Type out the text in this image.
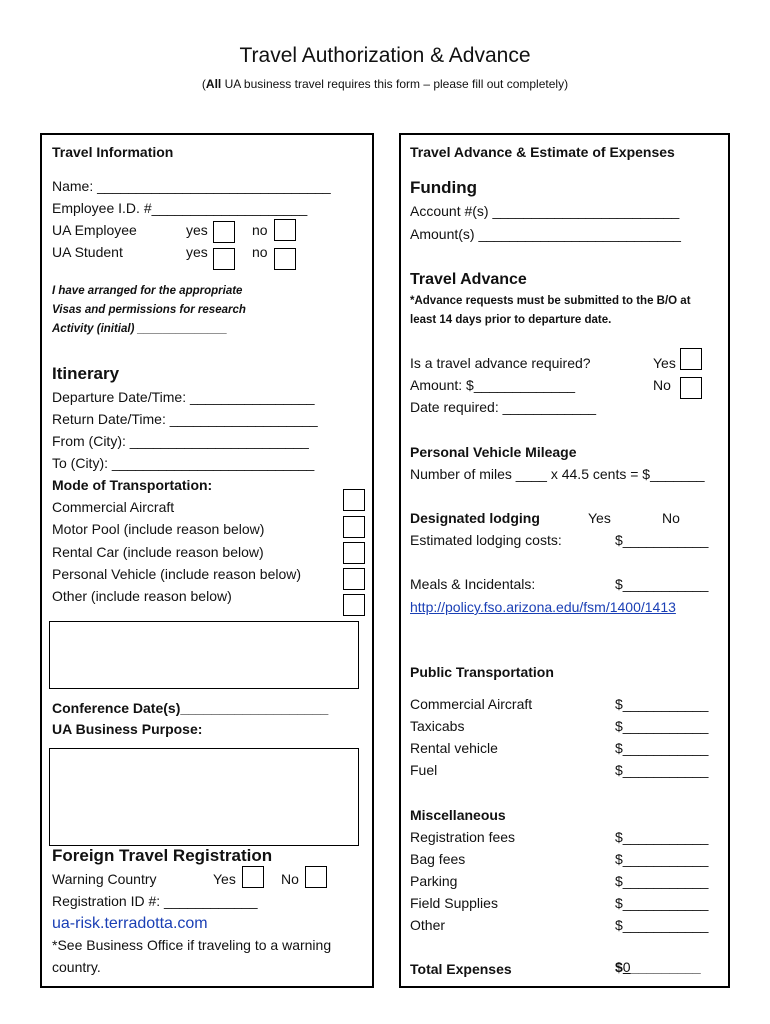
Travel Authorization & Advance
(All UA business travel requires this form – please fill out completely)
Travel Information
Name: ______________________________
Employee I.D. #____________________
UA Employee	yes	no
UA Student	yes	no
I have arranged for the appropriate
Visas and permissions for research
Activity (initial) ______________
Itinerary
Departure Date/Time: ________________
Return Date/Time: ___________________
From (City): _______________________
To (City): __________________________
Mode of Transportation:
Commercial Aircraft
Motor Pool (include reason below)
Rental Car (include reason below)
Personal Vehicle (include reason below)
Other (include reason below)
Conference Date(s)___________________
UA Business Purpose:
Foreign Travel Registration
Warning Country	Yes	No
Registration ID #: ____________
ua-risk.terradotta.com
*See Business Office if traveling to a warning
country.
Travel Advance & Estimate of Expenses
Funding
Account #(s) ________________________
Amount(s) __________________________
Travel Advance
*Advance requests must be submitted to the B/O at
least 14 days prior to departure date.
Is a travel advance required?	Yes
Amount: $_____________	No
Date required: ____________
Personal Vehicle Mileage
Number of miles ____ x 44.5 cents = $_______
Designated lodging	Yes	No
Estimated lodging costs:	$___________
Meals & Incidentals:	$___________
http://policy.fso.arizona.edu/fsm/1400/1413
Public Transportation
Commercial Aircraft	$___________
Taxicabs	$___________
Rental vehicle	$___________
Fuel	$___________
Miscellaneous
Registration fees	$___________
Bag fees	$___________
Parking	$___________
Field Supplies	$___________
Other	$___________
Total Expenses	$0_________
